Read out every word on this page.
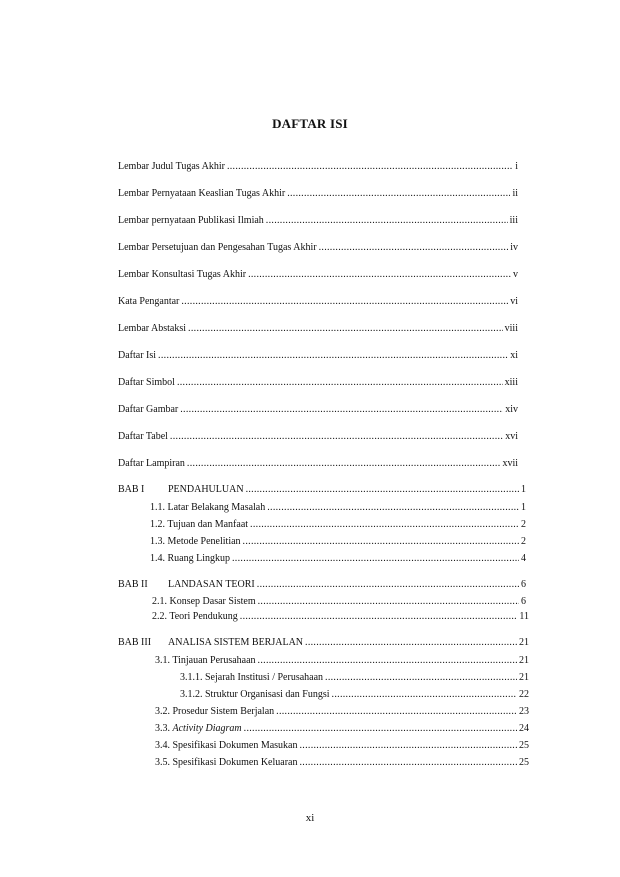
DAFTAR ISI
Lembar Judul Tugas Akhir .....	i
Lembar Pernyataan Keaslian Tugas Akhir .....	ii
Lembar pernyataan Publikasi Ilmiah .....	iii
Lembar Persetujuan dan Pengesahan Tugas Akhir .....	iv
Lembar Konsultasi Tugas Akhir .....	v
Kata Pengantar .....	vi
Lembar Abstaksi .....	viii
Daftar Isi .....	xi
Daftar Simbol .....	xiii
Daftar Gambar .....	xiv
Daftar Tabel .....	xvi
Daftar Lampiran .....	xvii
BAB I PENDAHULUAN .....	1
1.1. Latar Belakang Masalah .....	1
1.2. Tujuan dan Manfaat .....	2
1.3. Metode Penelitian .....	2
1.4. Ruang Lingkup .....	4
BAB II LANDASAN TEORI .....	6
2.1. Konsep Dasar Sistem .....	6
2.2. Teori Pendukung .....	11
BAB III ANALISA SISTEM BERJALAN .....	21
3.1. Tinjauan Perusahaan .....	21
3.1.1. Sejarah Institusi / Perusahaan .....	21
3.1.2. Struktur Organisasi dan Fungsi .....	22
3.2. Prosedur Sistem Berjalan .....	23
3.3. Activity Diagram .....	24
3.4. Spesifikasi Dokumen Masukan .....	25
3.5. Spesifikasi Dokumen Keluaran .....	25
xi
